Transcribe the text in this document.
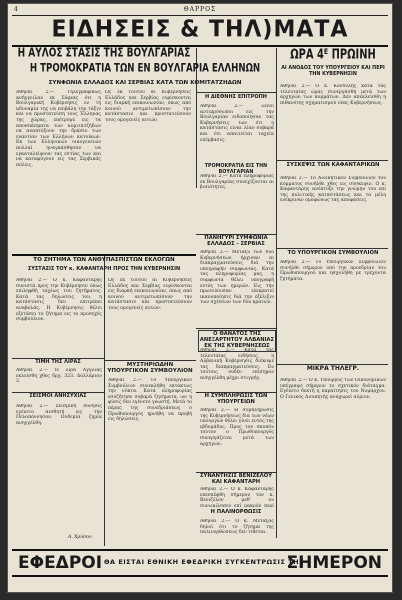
4	ΘΑΡΡΟΣ
ΕΙΔΗΣΕΙΣ & ΤΗΛ)ΜΑΤΑ
Η ΑΥΛΟΣ ΣΤΑΣΙΣ ΤΗΣ ΒΟΥΛΓΑΡΙΑΣ
Η ΤΡΟΜΟΚΡΑΤΙΑ ΤΩΝ ΕΝ ΒΟΥΛΓΑΡΙΑ ΕΛΛΗΝΩΝ
ΣΥΝΦΩΝΙΑ ΕΛΛΑΔΟΣ ΚΑΙ ΣΕΡΒΙΑΣ ΚΑΤΑ ΤΩΝ ΚΟΜΙΤΑΤΖΗΔΩΝ
Αθήναι 2.— Τηλεγραφικώς ανήγγειλαν εκ Σόφιας ότι η Βουλγαρική Κυβέρνησις εν τη αδυναμία της να επιβάλη την τάξιν και να προστατεύση τους Έλληνας της χώρας, επέτρεψε εις τα αποσπάσματα των κομιτατζήδων να αναπτύξουν την δράσιν των εναντίον των Ελλήνων κατοίκων. Εκ των Ελληνικών οικογενειών πολλαί ηναγκάσθησαν να εγκαταλείψουν τας εστίας των και να καταφύγουν εις τας Σερβικάς πόλεις.
Ως εκ τούτου αι Κυβερνήσεις Ελλάδος και Σερβίας ευρίσκονται εις διαρκή επικοινωνίαν, όπως από κοινού αντιμετωπίσουν την κατάστασιν και προστατεύσουν τους ομογενείς αυτών.
Η ΔΙΕΘΝΗΣ ΕΠΙΤΡΟΠΗ
Αθήναι 2.— Ξένοι αντιπρόσωποι εις την Βουλγαρίαν ειδοποίησαν τας Κυβερνήσεις των ότι η κατάστασις είναι λίαν σοβαρά και ότι απαιτείται ταχεία επέμβασις.
ΤΡΟΜΟΚΡΑΤΙΑ ΕΙΣ ΤΗΝ ΒΟΥΛΓΑΡΙΑΝ
Αθήναι 2.— Κατά πληροφορίας εκ Βουλγαρίας συνεχίζονται αι βιαιότητες.
ΠΑΝΗΓΥΡΙ ΣΥΜΦΩΝΙΑ ΕΛΛΑΔΟΣ - ΣΕΡΒΙΑΣ
Αθήναι 2.— Μεταξύ των δύο Κυβερνήσεων ήρχισαν αι διαπραγματεύσεις διά την υπογραφήν συμφωνίας. Κατά τας πληροφορίας μας, η συμφωνία θέλει υπογραφή εντός των ημερών. Εις την πρωτεύουσαν επικρατεί ικανοποίησις διά την εξέλιξιν των σχέσεων των δύο κρατών.
Ο ΘΑΝΑΤΟΣ ΤΗΣ ΑΝΕΞΑΡΤΗΤΟΥ ΑΛΒΑΝΙΑΣ ΕΚ ΤΗΣ ΚΥΒΕΡΝΗΣΕΩΣ
Αθήναι 2.— Κατά τας τελευταίας ειδήσεις, η Αλβανική Κυβέρνησις διέκοψε τας διαπραγματεύσεις. Εν τούτοις ουδέν επίσημον ανηγγέλθη μέχρι στιγμής.
Η ΣΥΜΠΛΗΡΩΣΙΣ ΤΩΝ ΥΠΟΥΡΓΕΙΩΝ
Αθήναι 2.— Η συμπλήρωσις της Κυβερνήσεως δια των νέων υπουργών θέλει γίνει εντός της εβδομάδος. Προς τον σκοπόν τούτον ο Πρωθυπουργός συνεργάζεται μετά των αρχηγών.
ΣΥΝΑΝΤΗΣΙΣ ΒΕΝΙΖΕΛΟΥ ΚΑΙ ΚΑΦΑΝΤΑΡΗ
Αθήναι 2.— Ο κ. Καφαντάρης επεσκέφθη σήμερον τον κ. Βενιζέλον μεθ' ου συνωμίλησεν επί μακρόν περί
Η ΠΑΛΙΝΟΡΘΩΣΙΣ
Αθήναι 2.— Ο κ. Μεταξάς δηλοί ότι το ζήτημα της παλινορθώσεως δεν τίθεται.
ΩΡΑ 4ᴱ ΠΡΩΙΝΗ
ΑΙ ΑΝΟΔΟΣ ΤΟΥ ΥΠΟΥΡΓΕΙΟΥ ΚΑΙ ΠΕΡΙ ΤΗΝ ΚΥΒΕΡΝΗΣΙΝ
Αθήναι 2.— Ο κ. Κονδύλης κατά τας τελευταίας ώρας συνεργάσθη μετά των αρχηγών των κομμάτων. Δεν απεκλείσθη η πιθανότης σχηματισμού νέας Κυβερνήσεως.
ΣΥΣΚΕΨΙΣ ΤΩΝ ΚΑΦΑΝΤΑΡΙΚΩΝ
Αθήναι 2.— Το Διοικητικόν Συμβούλιον του κόμματος συνήλθε χθες εις σύσκεψιν. Ο κ. Καφαντάρης ανέπτυξε την γνώμην του επί της πολιτικής καταστάσεως και τα μέλη ενέκριναν ομοφώνως τας αποφάσεις.
ΤΟ ΥΠΟΥΡΓΙΚΟΝ ΣΥΜΒΟΥΛΙΟΝ
Αθήναι 2.— Το Υπουργικόν Συμβούλιον συνήλθε σήμερον υπό την προεδρίαν του Πρωθυπουργού και ησχολήθη με τρέχοντα ζητήματα.
ΜΙΚΡΑ ΤΗΛΕΓΡ.
Αθήναι 2.— Ο κ. Υπουργός των Οικονομικών υπέγραψε σήμερον το σχετικόν διάταγμα. Εγένετο δεκτή η παραίτησις του Νομάρχου. Ο Γενικός Διοικητής αναχωρεί αύριον.
ΤΟ ΖΗΤΗΜΑ ΤΩΝ ΑΝΘΥΠΑΣΠΙΣΤΩΝ ΕΚΛΟΓΩΝ
ΣΥΣΤΑΣΙΣ ΤΟΥ κ. ΚΑΦΑΝΤΑΡΗ ΠΡΟΣ ΤΗΝ ΚΥΒΕΡΝΗΣΙΝ
Αθήναι 2.— Ο κ. Καφαντάρης συνιστά προς την Κυβέρνησιν όπως επιληφθή ταχέως του ζητήματος. Κατά τας δηλώσεις του, η κατάστασις δεν επιτρέπει αναβολάς. Η Κυβέρνησις θέλει εξετάσει το ζήτημα εις το προσεχές συμβούλιον.
ΤΙΜΗ ΤΗΣ ΛΙΡΑΣ
Αθήναι 2.— Η λίρα Αγγλίας εκλείσθη χθες δρχ. 323. Δολλάριον 2.
ΣΕΙΣΜΟΙ ΑΝΗΣΥΧΙΑΣ
Αθήναι 2.— Σεισμική δόνησις εγένετο αισθητή εις την Πελοπόννησον. Ουδεμία ζημία ανηγγέλθη.
Α. Χρύσου
Ως εκ τούτου αι Κυβερνήσεις Ελλάδος και Σερβίας ευρίσκονται εις διαρκή επικοινωνίαν, όπως από κοινού αντιμετωπίσουν την κατάστασιν και προστατεύσουν τους ομογενείς αυτών.
ΜΥΣΤΗΡΙΩΔΗΝ ΥΠΟΥΡΓΙΚΟΝ ΣΥΜΒΟΥΛΙΟΝ
Αθήναι 2.— Το Υπουργικόν Συμβούλιον συνεκλήθη εκτάκτως την νύκτα. Κατά πληροφορίας εσυζήτησε σοβαρά ζητήματα, ων η φύσις δεν εγένετο γνωστή. Μετά το πέρας της συνεδριάσεως ο Πρωθυπουργός ηρνήθη να προβή εις δηλώσεις.
ΕΦΕΔΡΟΙ ΘΑ ΕΙΣΤΑΙ ΕΘΝΙΚΗ ΕΦΕΔΡΙΚΗ ΣΥΓΚΕΝΤΡΩΣΙΣ ΤΗΣ
ΣΗΜΕΡΟΝ
